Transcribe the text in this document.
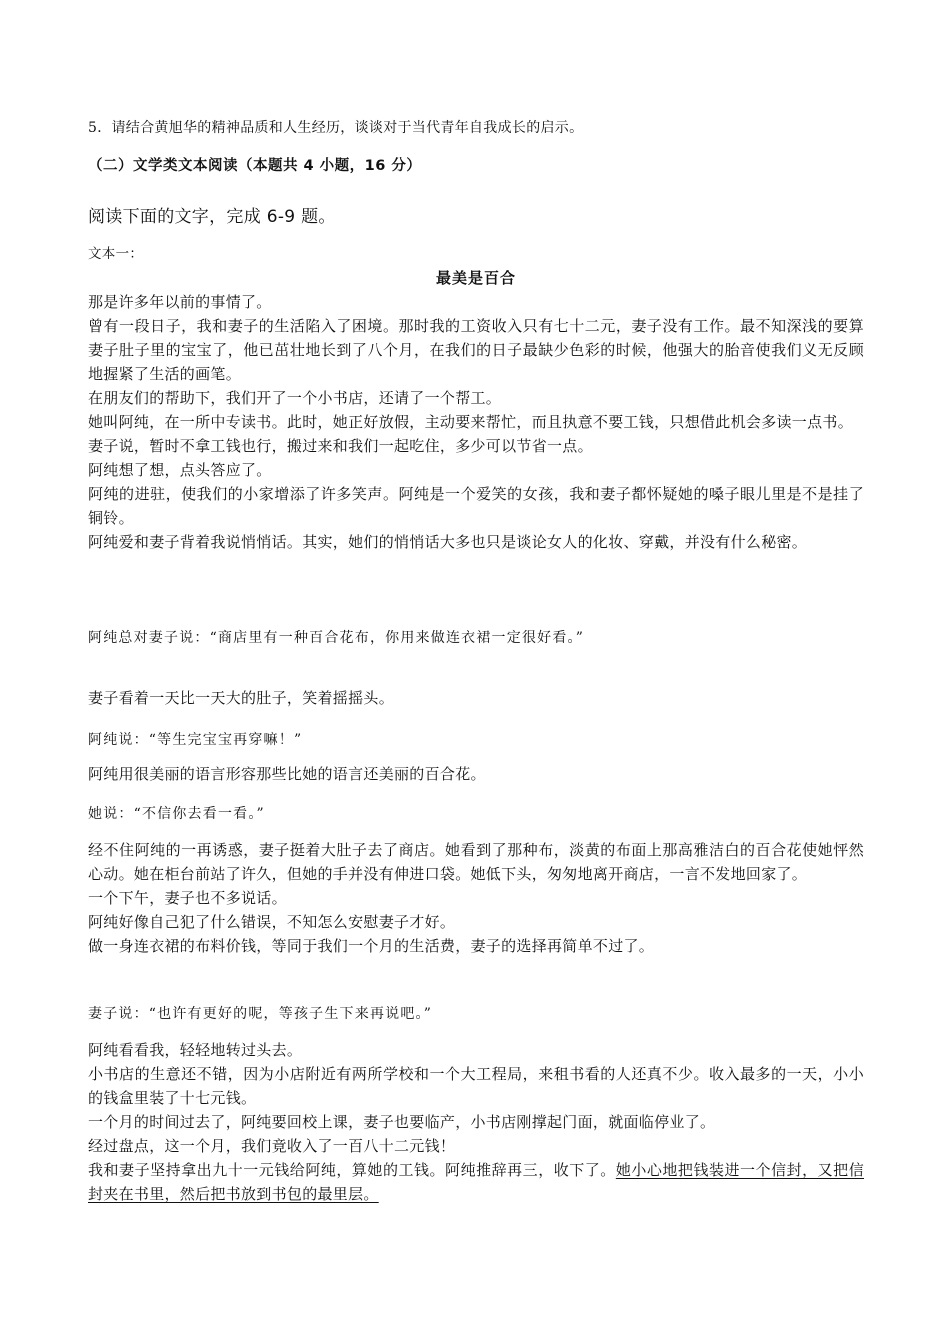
5．请结合黄旭华的精神品质和人生经历，谈谈对于当代青年自我成长的启示。
（二）文学类文本阅读（本题共 4 小题，16 分）
阅读下面的文字，完成 6-9 题。
文本一：
最美是百合

那是许多年以前的事情了。

曾有一段日子，我和妻子的生活陷入了困境。那时我的工资收入只有七十二元，妻子没有工作。最不知深浅的要算妻子肚子里的宝宝了，他已茁壮地长到了八个月，在我们的日子最缺少色彩的时候，他强大的胎音使我们义无反顾地握紧了生活的画笔。

在朋友们的帮助下，我们开了一个小书店，还请了一个帮工。

她叫阿纯，在一所中专读书。此时，她正好放假，主动要来帮忙，而且执意不要工钱，只想借此机会多读一点书。

妻子说，暂时不拿工钱也行，搬过来和我们一起吃住，多少可以节省一点。

阿纯想了想，点头答应了。

阿纯的进驻，使我们的小家增添了许多笑声。阿纯是一个爱笑的女孩，我和妻子都怀疑她的嗓子眼儿里是不是挂了铜铃。

阿纯爱和妻子背着我说悄悄话。其实，她们的悄悄话大多也只是谈论女人的化妆、穿戴，并没有什么秘密。

阿纯总对妻子说：“商店里有一种百合花布，你用来做连衣裙一定很好看。”
妻子看着一天比一天大的肚子，笑着摇摇头。
阿纯说：“等生完宝宝再穿嘛！”
阿纯用很美丽的语言形容那些比她的语言还美丽的百合花。
她说：“不信你去看一看。”

经不住阿纯的一再诱惑，妻子挺着大肚子去了商店。她看到了那种布，淡黄的布面上那高雅洁白的百合花使她怦然心动。她在柜台前站了许久，但她的手并没有伸进口袋。她低下头，匆匆地离开商店，一言不发地回家了。

一个下午，妻子也不多说话。

阿纯好像自己犯了什么错误，不知怎么安慰妻子才好。

做一身连衣裙的布料价钱，等同于我们一个月的生活费，妻子的选择再简单不过了。

妻子说：“也许有更好的呢，等孩子生下来再说吧。”

阿纯看看我，轻轻地转过头去。

小书店的生意还不错，因为小店附近有两所学校和一个大工程局，来租书看的人还真不少。收入最多的一天，小小的钱盒里装了十七元钱。

一个月的时间过去了，阿纯要回校上课，妻子也要临产，小书店刚撑起门面，就面临停业了。

经过盘点，这一个月，我们竟收入了一百八十二元钱！

我和妻子坚持拿出九十一元钱给阿纯，算她的工钱。阿纯推辞再三，收下了。她小心地把钱装进一个信封，又把信封夹在书里，然后把书放到书包的最里层。
